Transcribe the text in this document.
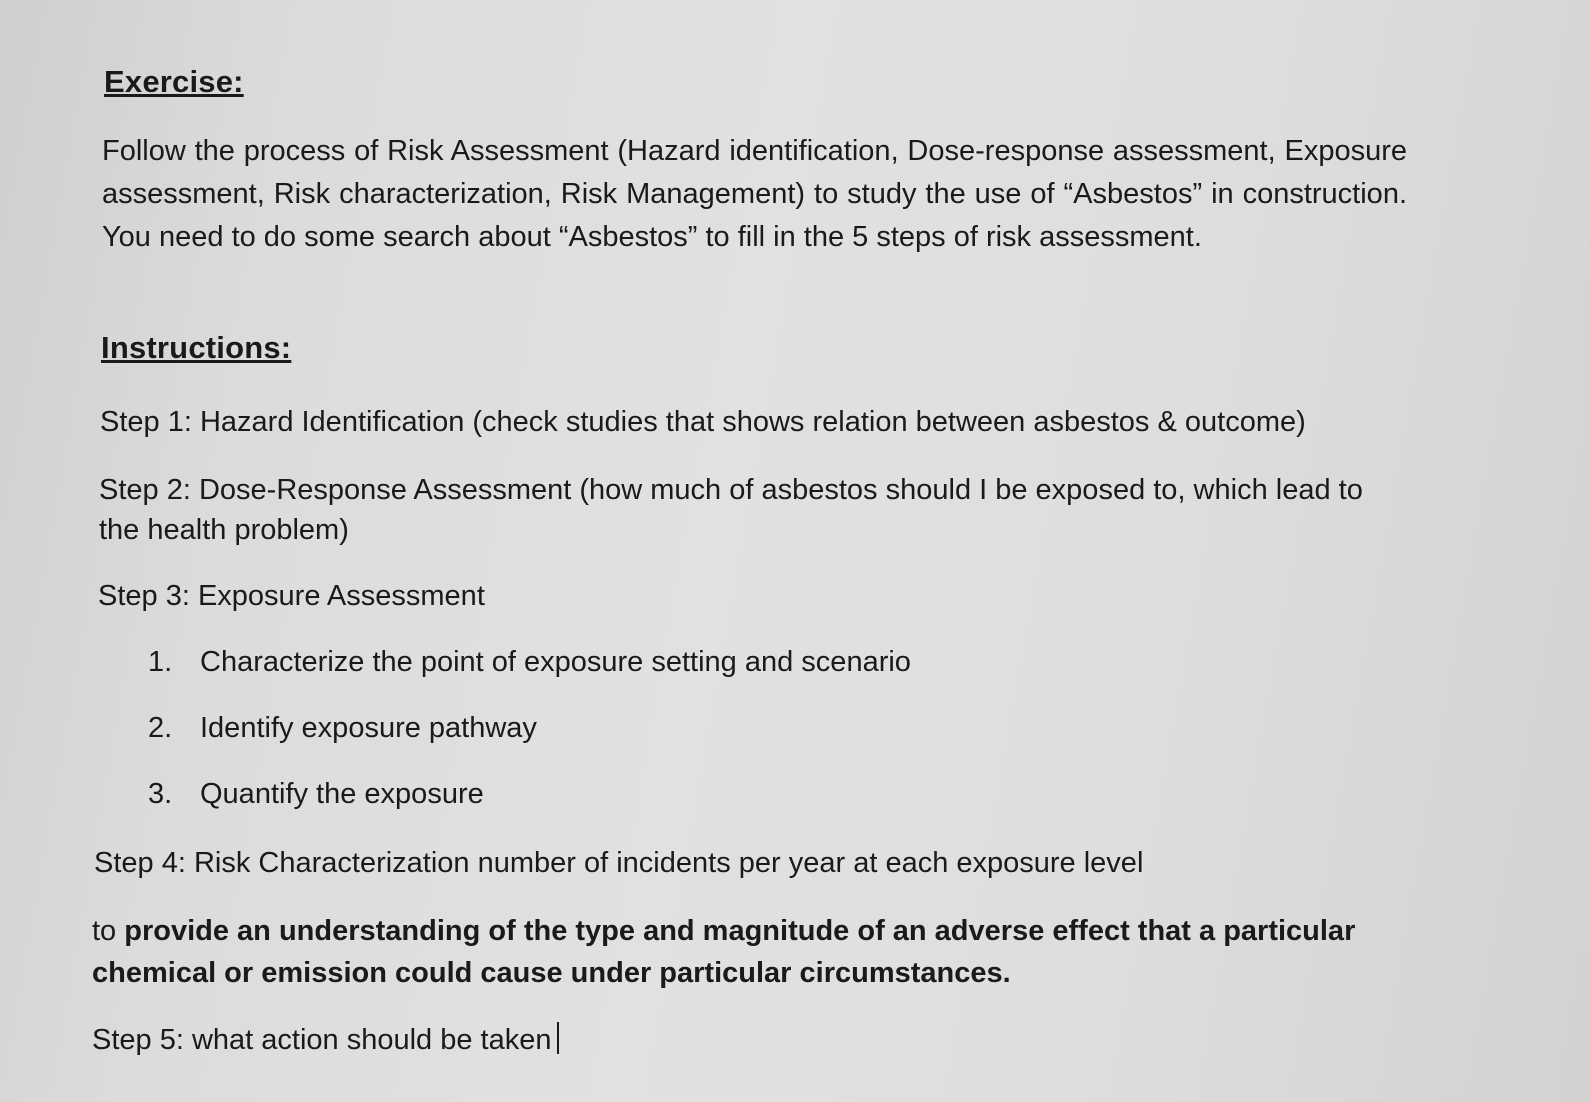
Exercise:
Follow the process of Risk Assessment (Hazard identification, Dose-response assessment, Exposure assessment, Risk characterization, Risk Management) to study the use of “Asbestos” in construction. You need to do some search about “Asbestos” to fill in the 5 steps of risk assessment.
Instructions:
Step 1: Hazard Identification (check studies that shows relation between asbestos & outcome)
Step 2: Dose-Response Assessment (how much of asbestos should I be exposed to, which lead to the health problem)
Step 3: Exposure Assessment
1. Characterize the point of exposure setting and scenario
2. Identify exposure pathway
3. Quantify the exposure
Step 4: Risk Characterization number of incidents per year at each exposure level
to provide an understanding of the type and magnitude of an adverse effect that a particular chemical or emission could cause under particular circumstances.
Step 5: what action should be taken
